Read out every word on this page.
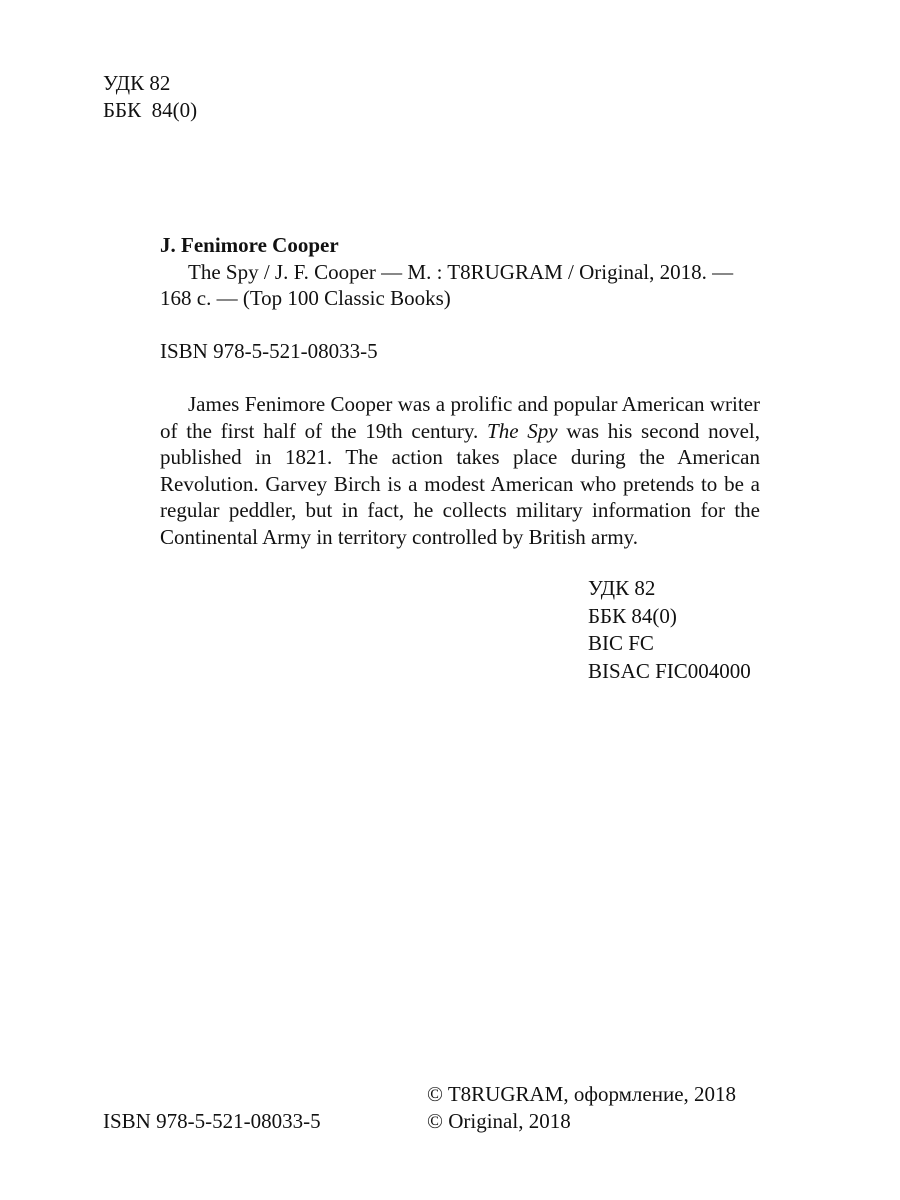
УДК 82
ББК  84(0)
J. Fenimore Cooper
The Spy / J. F. Cooper — M. : T8RUGRAM / Original, 2018. — 168 с. — (Top 100 Classic Books)
ISBN 978-5-521-08033-5
James Fenimore Cooper was a prolific and popular American writer of the first half of the 19th century. The Spy was his second novel, published in 1821. The action takes place during the American Revolution. Garvey Birch is a modest American who pretends to be a regular peddler, but in fact, he collects military information for the Continental Army in territory controlled by British army.
УДК 82
ББК 84(0)
BIC FC
BISAC FIC004000
ISBN 978-5-521-08033-5
© T8RUGRAM, оформление, 2018
© Original, 2018
